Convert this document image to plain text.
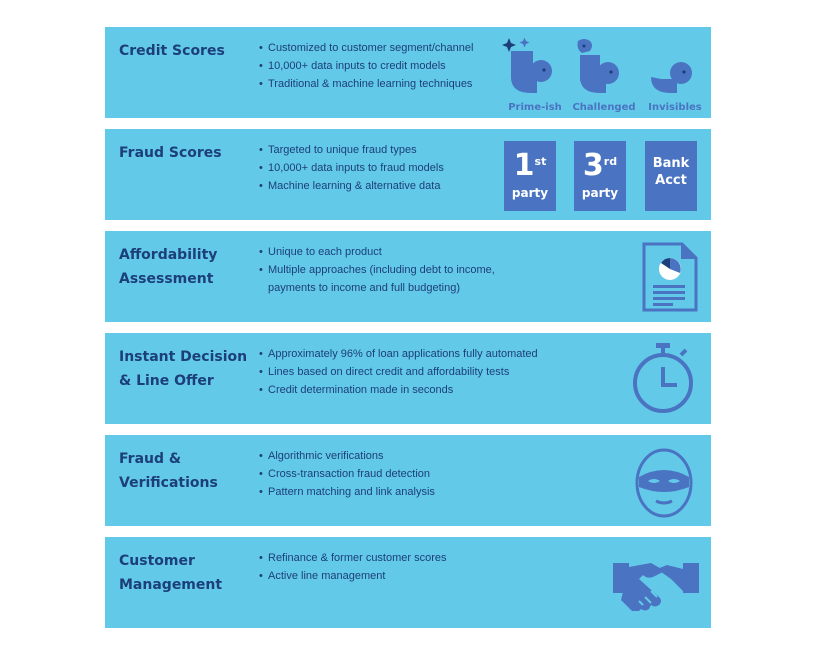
Credit Scores	• Customized to customer segment/channel
• 10,000+ data inputs to credit models
• Traditional & machine learning techniques
Prime-ish	Challenged	Invisibles
Fraud Scores	• Targeted to unique fraud types
• 10,000+ data inputs to fraud models
• Machine learning & alternative data
1st
party
3rd
party
Bank
Acct
Affordability
Assessment
• Unique to each product
• Multiple approaches (including debt to income,
payments to income and full budgeting)
Instant Decision
& Line Offer
• Approximately 96% of loan applications fully automated
• Lines based on direct credit and affordability tests
• Credit determination made in seconds
Fraud &
Verifications
• Algorithmic verifications
• Cross-transaction fraud detection
• Pattern matching and link analysis
Customer
Management
• Refinance & former customer scores
• Active line management
